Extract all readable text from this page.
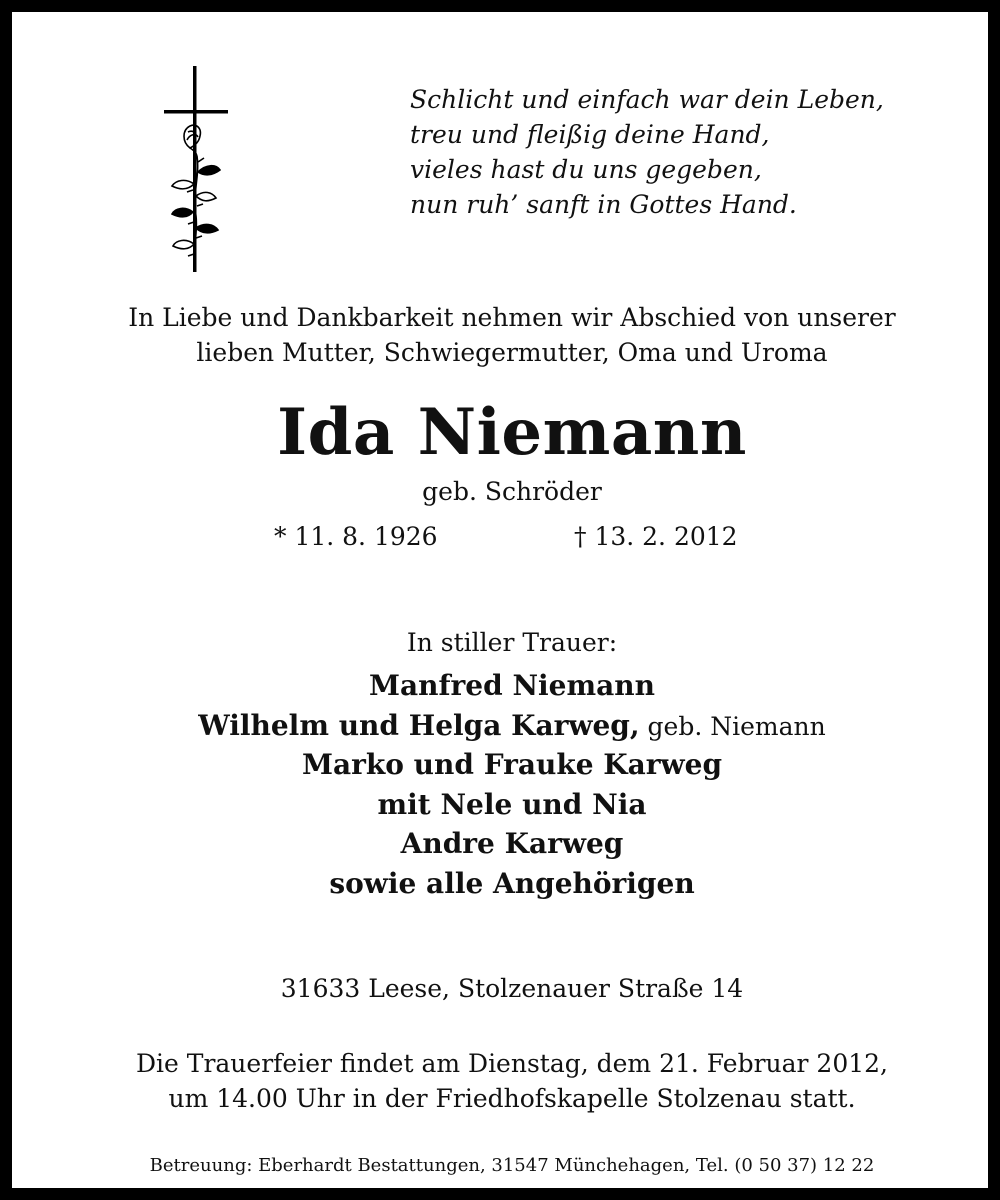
Schlicht und einfach war dein Leben,
treu und fleißig deine Hand,
vieles hast du uns gegeben,
nun ruh’ sanft in Gottes Hand.
In Liebe und Dankbarkeit nehmen wir Abschied von unserer
lieben Mutter, Schwiegermutter, Oma und Uroma
Ida Niemann
geb. Schröder
* 11. 8. 1926	† 13. 2. 2012
In stiller Trauer:
Manfred Niemann
Wilhelm und Helga Karweg, geb. Niemann
Marko und Frauke Karweg
mit Nele und Nia
Andre Karweg
sowie alle Angehörigen
31633 Leese, Stolzenauer Straße 14
Die Trauerfeier findet am Dienstag, dem 21. Februar 2012,
um 14.00 Uhr in der Friedhofskapelle Stolzenau statt.
Betreuung: Eberhardt Bestattungen, 31547 Münchehagen, Tel. (0 50 37) 12 22
